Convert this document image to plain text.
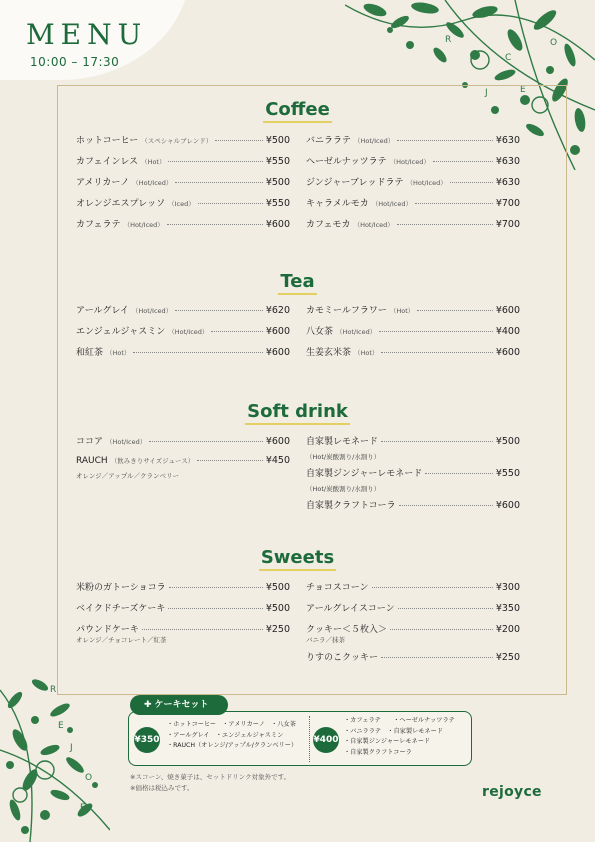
MENU
10:00 – 17:30
R
C
E
J
O
R
E
J
E
O
Coffee
ホットコーヒー （スペシャルブレンド）	¥500
カフェインレス （Hot）	¥550
アメリカーノ （Hot/Iced）	¥500
オレンジエスプレッソ （Iced）	¥550
カフェラテ （Hot/Iced）	¥600
バニララテ （Hot/Iced）	¥630
ヘーゼルナッツラテ （Hot/Iced）	¥630
ジンジャーブレッドラテ （Hot/Iced）	¥630
キャラメルモカ （Hot/Iced）	¥700
カフェモカ （Hot/Iced）	¥700
Tea
アールグレイ （Hot/Iced）	¥620
エンジェルジャスミン （Hot/Iced）	¥600
和紅茶 （Hot）	¥600
カモミールフラワー （Hot）	¥600
八女茶 （Hot/Iced）	¥400
生姜玄米茶 （Hot）	¥600
Soft drink
ココア （Hot/Iced）	¥600
RAUCH （飲みきりサイズジュース）	¥450
オレンジ／アップル／クランベリー
自家製レモネード	¥500
（Hot/炭酸割り/水割り）
自家製ジンジャーレモネード	¥550
（Hot/炭酸割り/水割り）
自家製クラフトコーラ	¥600
Sweets
米粉のガトーショコラ	¥500
ベイクドチーズケーキ	¥500
パウンドケーキ	¥250
オレンジ／チョコレート／紅茶
チョコスコーン	¥300
アールグレイスコーン	¥350
クッキー＜５枚入＞	¥200
バニラ／抹茶
りすのこクッキー	¥250
✚ ケーキセット
¥350
・ホットコーヒー　・アメリカーノ　・八女茶
・アールグレイ　・エンジェルジャスミン
・RAUCH（オレンジ/アップル/クランベリー）
¥400
・カフェラテ　　・ヘーゼルナッツラテ
・バニララテ　・自家製レモネード
・自家製ジンジャーレモネード
・自家製クラフトコーラ
※スコーン、焼き菓子は、セットドリンク対象外です。
※価格は税込みです。	rejoyce
